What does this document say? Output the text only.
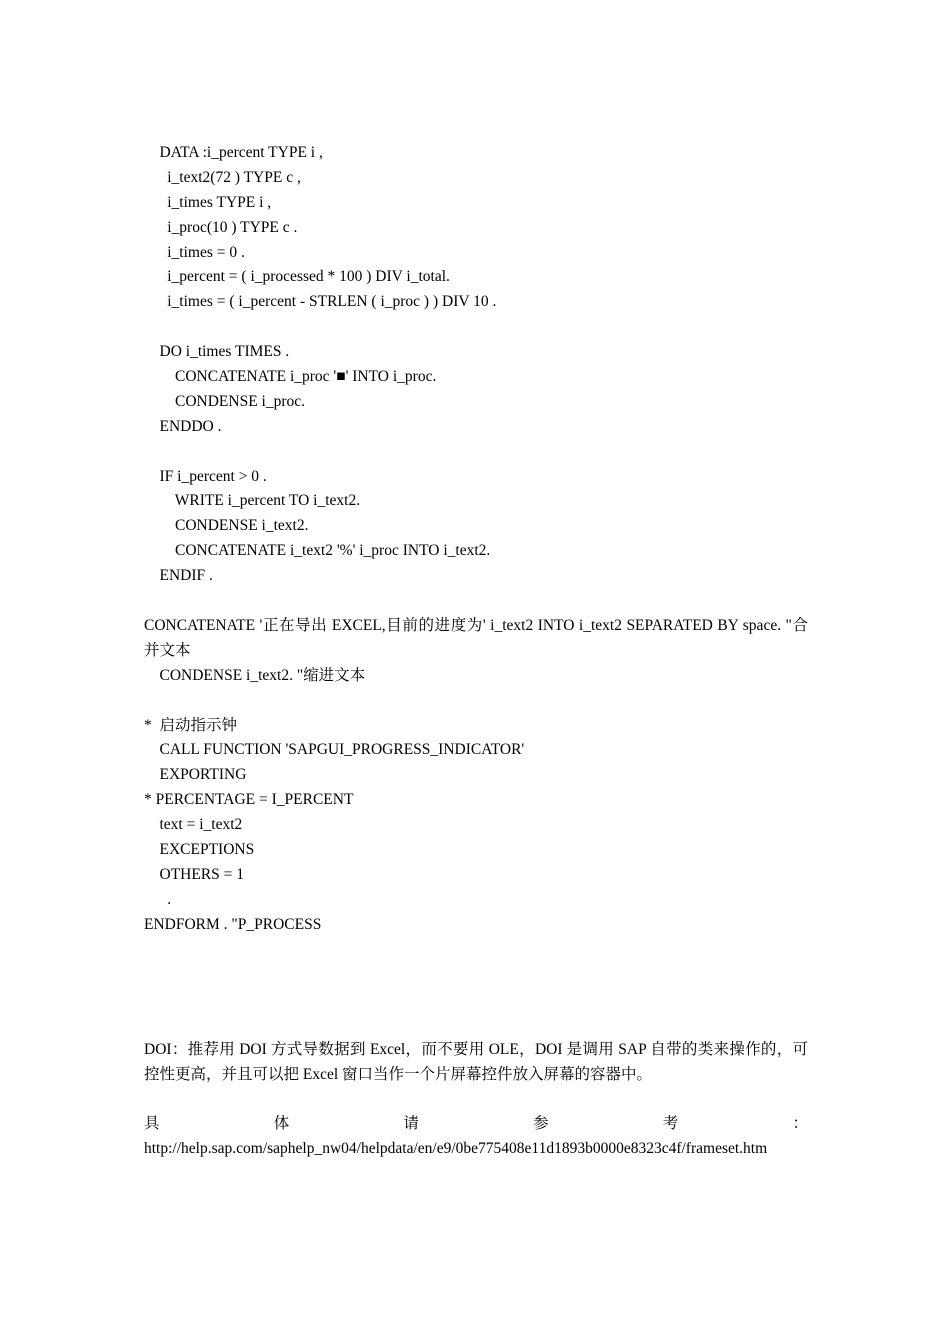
DATA :i_percent TYPE i ,
i_text2(72 ) TYPE c ,
i_times TYPE i ,
i_proc(10 ) TYPE c .
i_times = 0 .
i_percent = ( i_processed * 100 ) DIV i_total.
i_times = ( i_percent - STRLEN ( i_proc ) ) DIV 10 .
DO i_times TIMES .
CONCATENATE i_proc '■' INTO i_proc.
CONDENSE i_proc.
ENDDO .
IF i_percent > 0 .
WRITE i_percent TO i_text2.
CONDENSE i_text2.
CONCATENATE i_text2 '%' i_proc INTO i_text2.
ENDIF .
CONCATENATE '正在导出 EXCEL,目前的进度为' i_text2 INTO i_text2 SEPARATED BY space. "合并文本
CONDENSE i_text2. "缩进文本
*  启动指示钟
CALL FUNCTION 'SAPGUI_PROGRESS_INDICATOR'
EXPORTING
* PERCENTAGE = I_PERCENT
text = i_text2
EXCEPTIONS
OTHERS = 1
.
ENDFORM . "P_PROCESS
DOI：推荐用 DOI 方式导数据到 Excel，而不要用 OLE，DOI 是调用 SAP 自带的类来操作的，可控性更高，并且可以把 Excel 窗口当作一个片屏幕控件放入屏幕的容器中。
具	体	请	参	考	：
http://help.sap.com/saphelp_nw04/helpdata/en/e9/0be775408e11d1893b0000e8323c4f/frameset.htm
